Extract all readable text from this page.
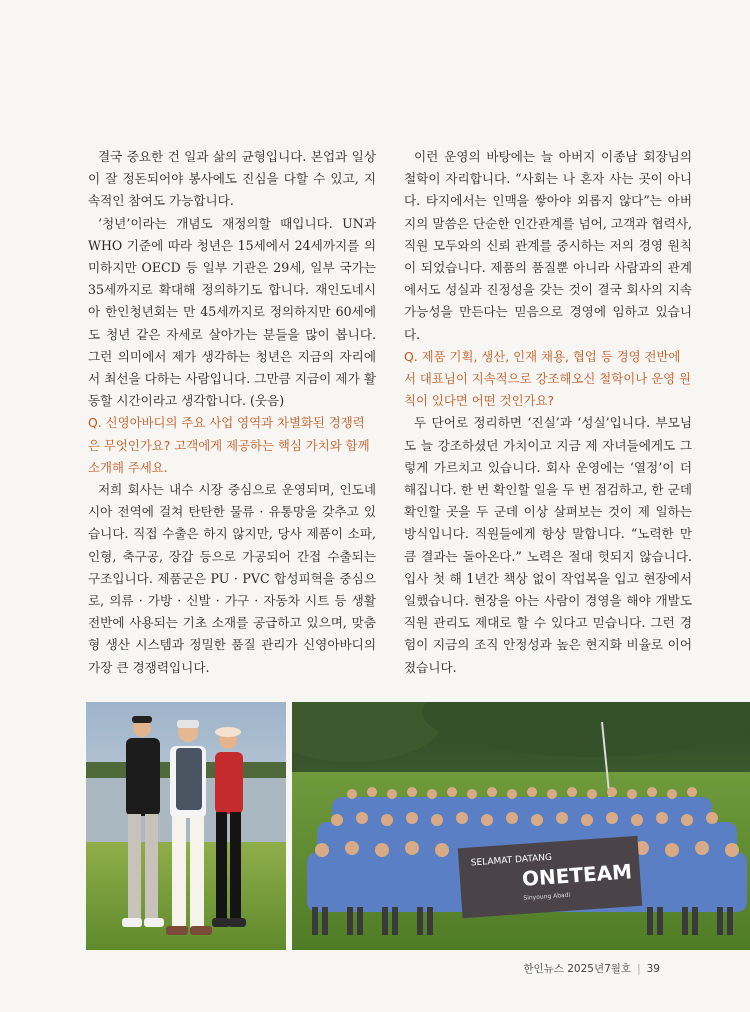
결국 중요한 건 일과 삶의 균형입니다. 본업과 일상이 잘 정돈되어야 봉사에도 진심을 다할 수 있고, 지속적인 참여도 가능합니다.

‘청년’이라는 개념도 재정의할 때입니다. UN과 WHO 기준에 따라 청년은 15세에서 24세까지를 의미하지만 OECD 등 일부 기관은 29세, 일부 국가는 35세까지로 확대해 정의하기도 합니다. 재인도네시아 한인청년회는 만 45세까지로 정의하지만 60세에도 청년 같은 자세로 살아가는 분들을 많이 봅니다. 그런 의미에서 제가 생각하는 청년은 지금의 자리에서 최선을 다하는 사람입니다. 그만큼 지금이 제가 활동할 시간이라고 생각합니다. (웃음)

Q. 신영아바디의 주요 사업 영역과 차별화된 경쟁력은 무엇인가요? 고객에게 제공하는 핵심 가치와 함께 소개해 주세요.

저희 회사는 내수 시장 중심으로 운영되며, 인도네시아 전역에 걸쳐 탄탄한 물류 · 유통망을 갖추고 있습니다. 직접 수출은 하지 않지만, 당사 제품이 소파, 인형, 축구공, 장갑 등으로 가공되어 간접 수출되는 구조입니다. 제품군은 PU · PVC 합성피혁을 중심으로, 의류 · 가방 · 신발 · 가구 · 자동차 시트 등 생활 전반에 사용되는 기초 소재를 공급하고 있으며, 맞춤형 생산 시스템과 정밀한 품질 관리가 신영아바디의 가장 큰 경쟁력입니다.

이런 운영의 바탕에는 늘 아버지 이종남 회장님의 철학이 자리합니다. “사회는 나 혼자 사는 곳이 아니다. 타지에서는 인맥을 쌓아야 외롭지 않다”는 아버지의 말씀은 단순한 인간관계를 넘어, 고객과 협력사, 직원 모두와의 신뢰 관계를 중시하는 저의 경영 원칙이 되었습니다. 제품의 품질뿐 아니라 사람과의 관계에서도 성실과 진정성을 갖는 것이 결국 회사의 지속가능성을 만든다는 믿음으로 경영에 임하고 있습니다.

Q. 제품 기획, 생산, 인재 채용, 협업 등 경영 전반에서 대표님이 지속적으로 강조해오신 철학이나 운영 원칙이 있다면 어떤 것인가요?

두 단어로 정리하면 ‘진실’과 ‘성실’입니다. 부모님도 늘 강조하셨던 가치이고 지금 제 자녀들에게도 그렇게 가르치고 있습니다. 회사 운영에는 ‘열정’이 더해집니다. 한 번 확인할 일을 두 번 점검하고, 한 군데 확인할 곳을 두 군데 이상 살펴보는 것이 제 일하는 방식입니다. 직원들에게 항상 말합니다. “노력한 만큼 결과는 돌아온다.” 노력은 절대 헛되지 않습니다. 입사 첫 해 1년간 책상 없이 작업복을 입고 현장에서 일했습니다. 현장을 아는 사람이 경영을 해야 개발도 직원 관리도 제대로 할 수 있다고 믿습니다. 그런 경험이 지금의 조직 안정성과 높은 현지화 비율로 이어졌습니다.

SELAMAT DATANG
ONETEAM
Sinyoung Abadi
한인뉴스 2025년7월호 | 39
